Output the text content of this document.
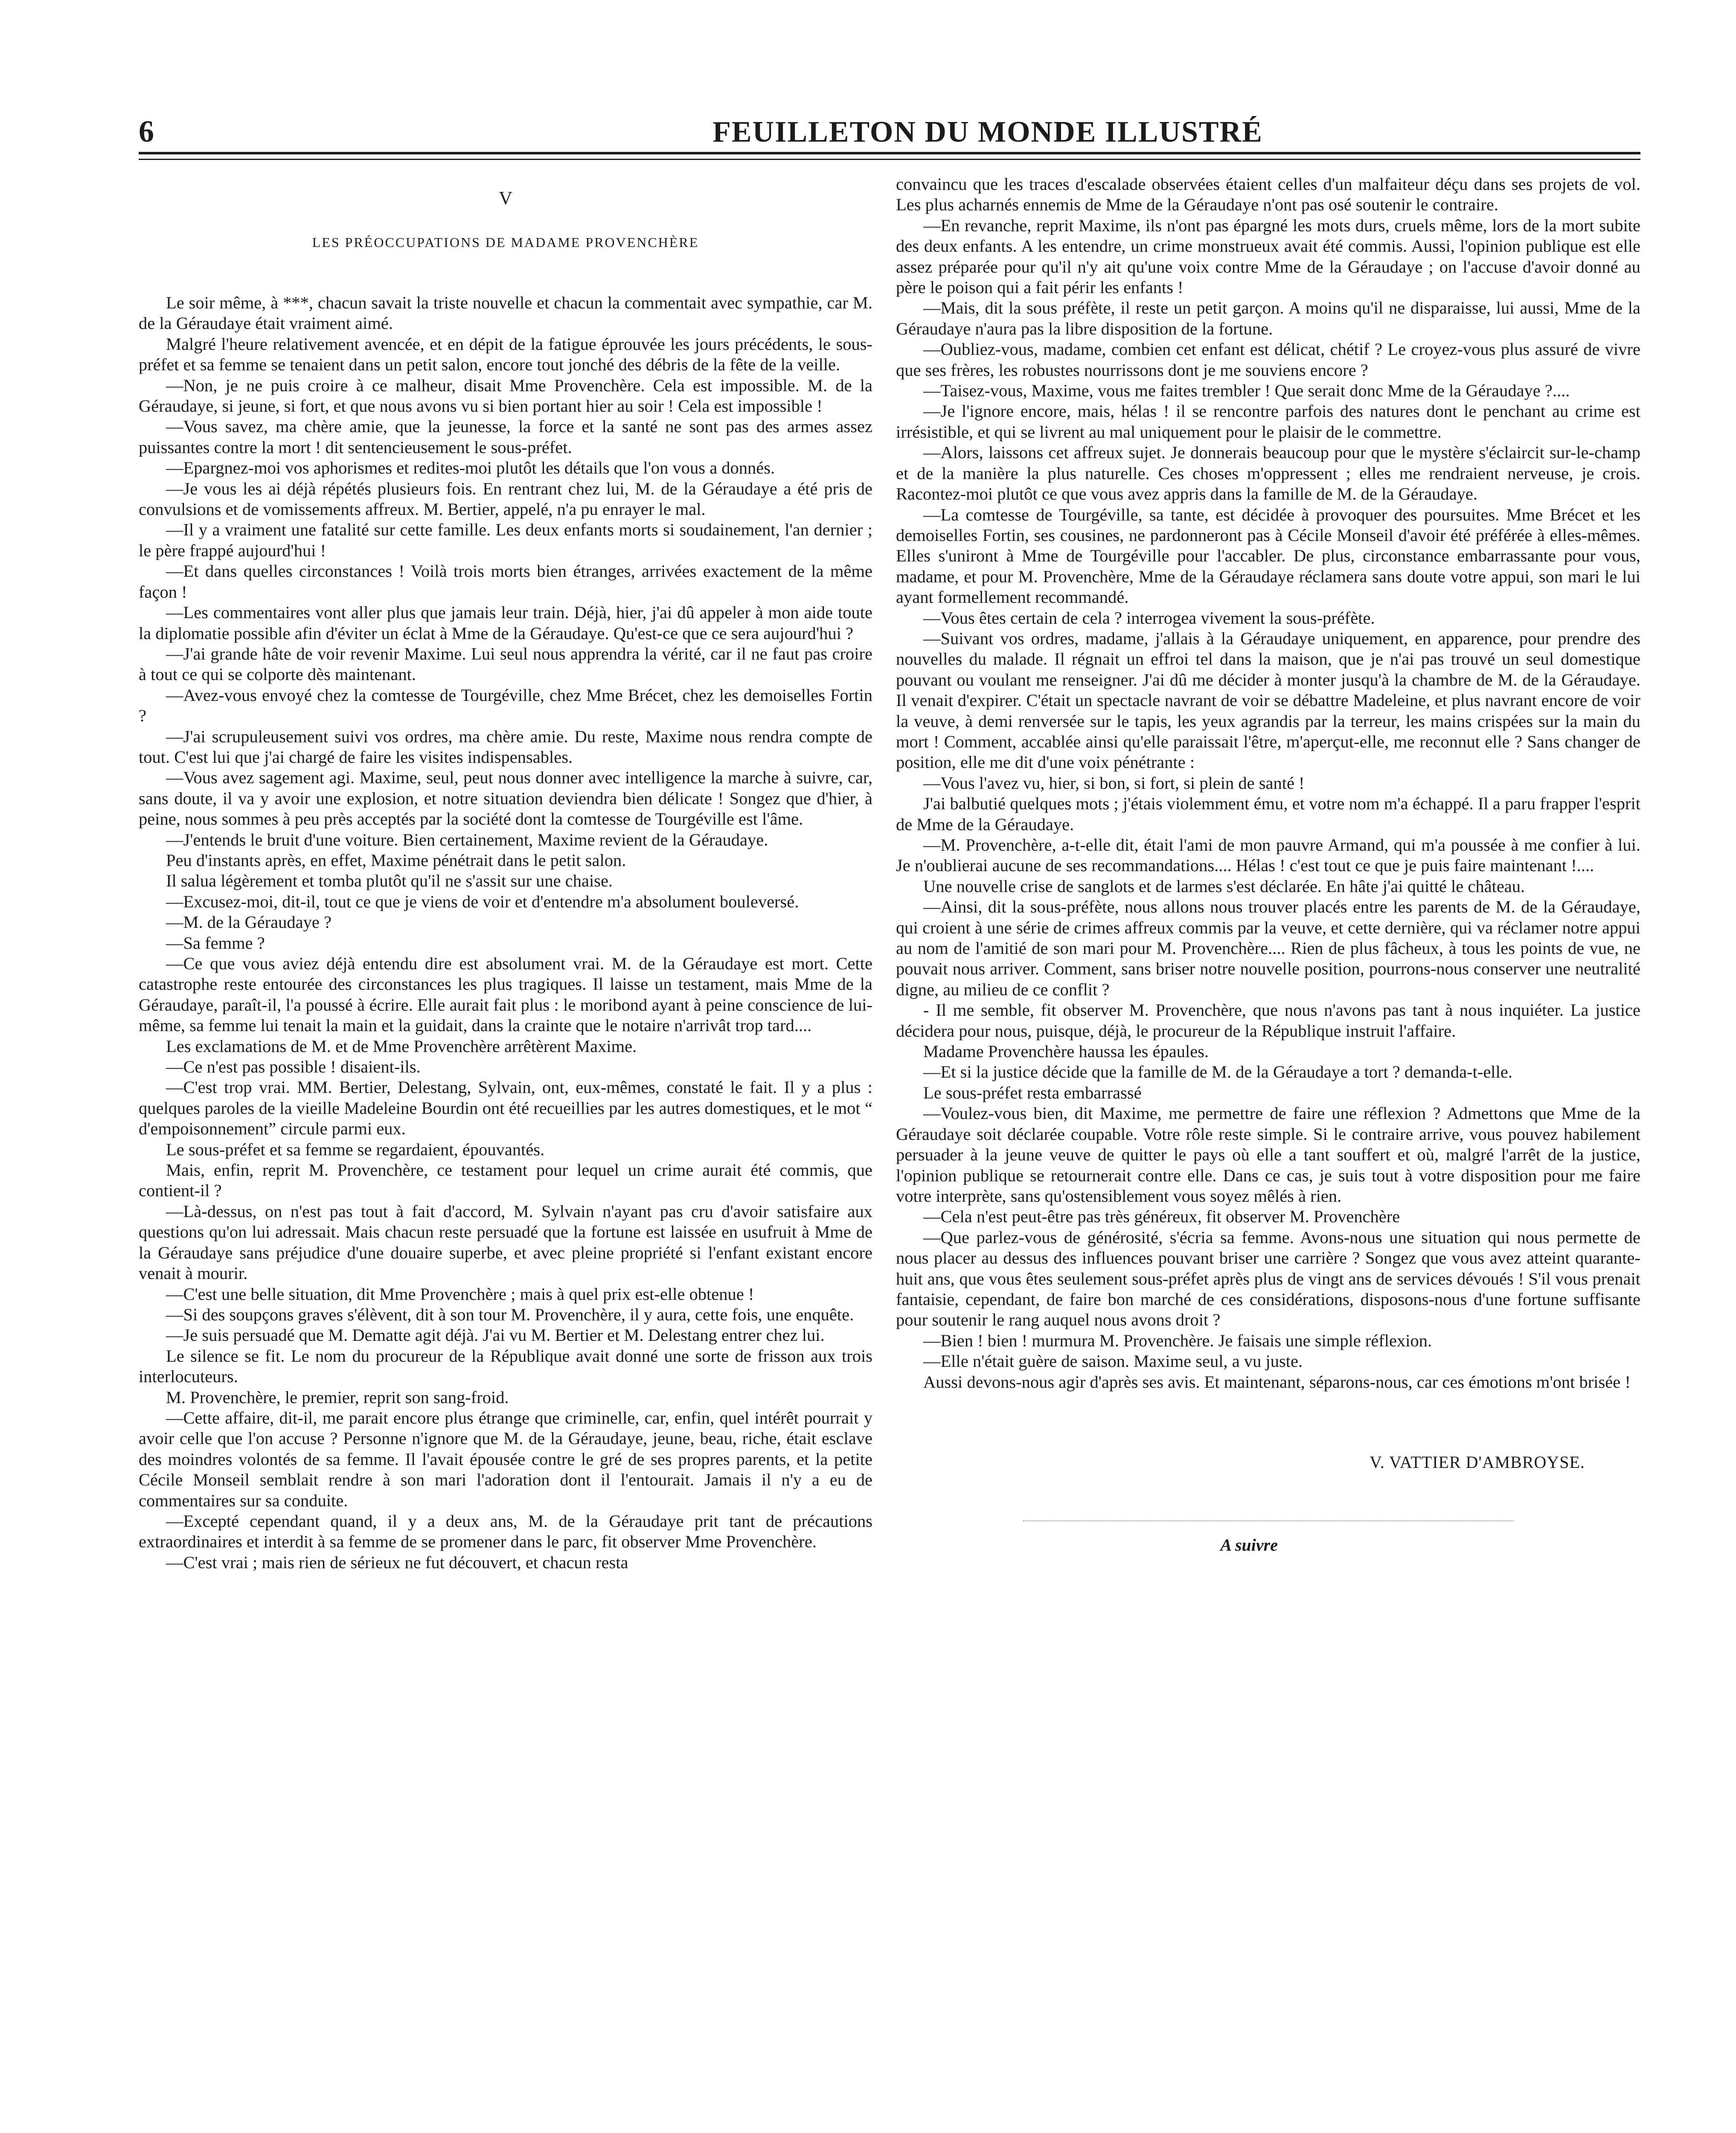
6	FEUILLETON DU MONDE ILLUSTRÉ
V
LES PRÉOCCUPATIONS DE MADAME PROVENCHÈRE

Le soir même, à ***, chacun savait la triste nouvelle et chacun la commentait avec sympathie, car M. de la Géraudaye était vraiment aimé.

Malgré l'heure relativement avencée, et en dépit de la fatigue éprouvée les jours précédents, le sous-préfet et sa femme se tenaient dans un petit salon, encore tout jonché des débris de la fête de la veille.

—Non, je ne puis croire à ce malheur, disait Mme Provenchère. Cela est impossible. M. de la Géraudaye, si jeune, si fort, et que nous avons vu si bien portant hier au soir ! Cela est impossible !

—Vous savez, ma chère amie, que la jeunesse, la force et la santé ne sont pas des armes assez puissantes contre la mort ! dit sentencieusement le sous-préfet.

—Epargnez-moi vos aphorismes et redites-moi plutôt les détails que l'on vous a donnés.

—Je vous les ai déjà répétés plusieurs fois. En rentrant chez lui, M. de la Géraudaye a été pris de convulsions et de vomissements affreux. M. Bertier, appelé, n'a pu enrayer le mal.

—Il y a vraiment une fatalité sur cette famille. Les deux enfants morts si soudainement, l'an dernier ; le père frappé aujourd'hui !

—Et dans quelles circonstances ! Voilà trois morts bien étranges, arrivées exactement de la même façon !

—Les commentaires vont aller plus que jamais leur train. Déjà, hier, j'ai dû appeler à mon aide toute la diplomatie possible afin d'éviter un éclat à Mme de la Géraudaye. Qu'est-ce que ce sera aujourd'hui ?

—J'ai grande hâte de voir revenir Maxime. Lui seul nous apprendra la vérité, car il ne faut pas croire à tout ce qui se colporte dès maintenant.

—Avez-vous envoyé chez la comtesse de Tourgéville, chez Mme Brécet, chez les demoiselles Fortin ?

—J'ai scrupuleusement suivi vos ordres, ma chère amie. Du reste, Maxime nous rendra compte de tout. C'est lui que j'ai chargé de faire les visites indispensables.

—Vous avez sagement agi. Maxime, seul, peut nous donner avec intelligence la marche à suivre, car, sans doute, il va y avoir une explosion, et notre situation deviendra bien délicate ! Songez que d'hier, à peine, nous sommes à peu près acceptés par la société dont la comtesse de Tourgéville est l'âme.

—J'entends le bruit d'une voiture. Bien certainement, Maxime revient de la Géraudaye.

Peu d'instants après, en effet, Maxime pénétrait dans le petit salon.

Il salua légèrement et tomba plutôt qu'il ne s'assit sur une chaise.

—Excusez-moi, dit-il, tout ce que je viens de voir et d'entendre m'a absolument bouleversé.

—M. de la Géraudaye ?

—Sa femme ?

—Ce que vous aviez déjà entendu dire est absolument vrai. M. de la Géraudaye est mort. Cette catastrophe reste entourée des circonstances les plus tragiques. Il laisse un testament, mais Mme de la Géraudaye, paraît-il, l'a poussé à écrire. Elle aurait fait plus : le moribond ayant à peine conscience de lui-même, sa femme lui tenait la main et la guidait, dans la crainte que le notaire n'arrivât trop tard....

Les exclamations de M. et de Mme Provenchère arrêtèrent Maxime.

—Ce n'est pas possible ! disaient-ils.

—C'est trop vrai. MM. Bertier, Delestang, Sylvain, ont, eux-mêmes, constaté le fait. Il y a plus : quelques paroles de la vieille Madeleine Bourdin ont été recueillies par les autres domestiques, et le mot “ d'empoisonnement” circule parmi eux.

Le sous-préfet et sa femme se regardaient, épouvantés.

Mais, enfin, reprit M. Provenchère, ce testament pour lequel un crime aurait été commis, que contient-il ?

—Là-dessus, on n'est pas tout à fait d'accord, M. Sylvain n'ayant pas cru d'avoir satisfaire aux questions qu'on lui adressait. Mais chacun reste persuadé que la fortune est laissée en usufruit à Mme de la Géraudaye sans préjudice d'une douaire superbe, et avec pleine propriété si l'enfant existant encore venait à mourir.

—C'est une belle situation, dit Mme Provenchère ; mais à quel prix est-elle obtenue !

—Si des soupçons graves s'élèvent, dit à son tour M. Provenchère, il y aura, cette fois, une enquête.

—Je suis persuadé que M. Dematte agit déjà. J'ai vu M. Bertier et M. Delestang entrer chez lui.

Le silence se fit. Le nom du procureur de la République avait donné une sorte de frisson aux trois interlocuteurs.

M. Provenchère, le premier, reprit son sang-froid.

—Cette affaire, dit-il, me parait encore plus étrange que criminelle, car, enfin, quel intérêt pourrait y avoir celle que l'on accuse ? Personne n'ignore que M. de la Géraudaye, jeune, beau, riche, était esclave des moindres volontés de sa femme. Il l'avait épousée contre le gré de ses propres parents, et la petite Cécile Monseil semblait rendre à son mari l'adoration dont il l'entourait. Jamais il n'y a eu de commentaires sur sa conduite.

—Excepté cependant quand, il y a deux ans, M. de la Géraudaye prit tant de précautions extraordinaires et interdit à sa femme de se promener dans le parc, fit observer Mme Provenchère.

—C'est vrai ; mais rien de sérieux ne fut découvert, et chacun resta

convaincu que les traces d'escalade observées étaient celles d'un malfaiteur déçu dans ses projets de vol. Les plus acharnés ennemis de Mme de la Géraudaye n'ont pas osé soutenir le contraire.

—En revanche, reprit Maxime, ils n'ont pas épargné les mots durs, cruels même, lors de la mort subite des deux enfants. A les entendre, un crime monstrueux avait été commis. Aussi, l'opinion publique est elle assez préparée pour qu'il n'y ait qu'une voix contre Mme de la Géraudaye ; on l'accuse d'avoir donné au père le poison qui a fait périr les enfants !

—Mais, dit la sous préfète, il reste un petit garçon. A moins qu'il ne disparaisse, lui aussi, Mme de la Géraudaye n'aura pas la libre disposition de la fortune.

—Oubliez-vous, madame, combien cet enfant est délicat, chétif ? Le croyez-vous plus assuré de vivre que ses frères, les robustes nourrissons dont je me souviens encore ?

—Taisez-vous, Maxime, vous me faites trembler ! Que serait donc Mme de la Géraudaye ?....

—Je l'ignore encore, mais, hélas ! il se rencontre parfois des natures dont le penchant au crime est irrésistible, et qui se livrent au mal uniquement pour le plaisir de le commettre.

—Alors, laissons cet affreux sujet. Je donnerais beaucoup pour que le mystère s'éclaircit sur-le-champ et de la manière la plus naturelle. Ces choses m'oppressent ; elles me rendraient nerveuse, je crois. Racontez-moi plutôt ce que vous avez appris dans la famille de M. de la Géraudaye.

—La comtesse de Tourgéville, sa tante, est décidée à provoquer des poursuites. Mme Brécet et les demoiselles Fortin, ses cousines, ne pardonneront pas à Cécile Monseil d'avoir été préférée à elles-mêmes. Elles s'uniront à Mme de Tourgéville pour l'accabler. De plus, circonstance embarrassante pour vous, madame, et pour M. Provenchère, Mme de la Géraudaye réclamera sans doute votre appui, son mari le lui ayant formellement recommandé.

—Vous êtes certain de cela ? interrogea vivement la sous-préfète.

—Suivant vos ordres, madame, j'allais à la Géraudaye uniquement, en apparence, pour prendre des nouvelles du malade. Il régnait un effroi tel dans la maison, que je n'ai pas trouvé un seul domestique pouvant ou voulant me renseigner. J'ai dû me décider à monter jusqu'à la chambre de M. de la Géraudaye. Il venait d'expirer. C'était un spectacle navrant de voir se débattre Madeleine, et plus navrant encore de voir la veuve, à demi renversée sur le tapis, les yeux agrandis par la terreur, les mains crispées sur la main du mort ! Comment, accablée ainsi qu'elle paraissait l'être, m'aperçut-elle, me reconnut elle ? Sans changer de position, elle me dit d'une voix pénétrante :

—Vous l'avez vu, hier, si bon, si fort, si plein de santé !

J'ai balbutié quelques mots ; j'étais violemment ému, et votre nom m'a échappé. Il a paru frapper l'esprit de Mme de la Géraudaye.

—M. Provenchère, a-t-elle dit, était l'ami de mon pauvre Armand, qui m'a poussée à me confier à lui. Je n'oublierai aucune de ses recommandations.... Hélas ! c'est tout ce que je puis faire maintenant !....

Une nouvelle crise de sanglots et de larmes s'est déclarée. En hâte j'ai quitté le château.

—Ainsi, dit la sous-préfète, nous allons nous trouver placés entre les parents de M. de la Géraudaye, qui croient à une série de crimes affreux commis par la veuve, et cette dernière, qui va réclamer notre appui au nom de l'amitié de son mari pour M. Provenchère.... Rien de plus fâcheux, à tous les points de vue, ne pouvait nous arriver. Comment, sans briser notre nouvelle position, pourrons-nous conserver une neutralité digne, au milieu de ce conflit ?

- Il me semble, fit observer M. Provenchère, que nous n'avons pas tant à nous inquiéter. La justice décidera pour nous, puisque, déjà, le procureur de la République instruit l'affaire.

Madame Provenchère haussa les épaules.

—Et si la justice décide que la famille de M. de la Géraudaye a tort ? demanda-t-elle.

Le sous-préfet resta embarrassé

—Voulez-vous bien, dit Maxime, me permettre de faire une réflexion ? Admettons que Mme de la Géraudaye soit déclarée coupable. Votre rôle reste simple. Si le contraire arrive, vous pouvez habilement persuader à la jeune veuve de quitter le pays où elle a tant souffert et où, malgré l'arrêt de la justice, l'opinion publique se retournerait contre elle. Dans ce cas, je suis tout à votre disposition pour me faire votre interprète, sans qu'ostensiblement vous soyez mêlés à rien.

—Cela n'est peut-être pas très généreux, fit observer M. Provenchère

—Que parlez-vous de générosité, s'écria sa femme. Avons-nous une situation qui nous permette de nous placer au dessus des influences pouvant briser une carrière ? Songez que vous avez atteint quarante-huit ans, que vous êtes seulement sous-préfet après plus de vingt ans de services dévoués ! S'il vous prenait fantaisie, cependant, de faire bon marché de ces considérations, disposons-nous d'une fortune suffisante pour soutenir le rang auquel nous avons droit ?

—Bien ! bien ! murmura M. Provenchère. Je faisais une simple réflexion.

—Elle n'était guère de saison. Maxime seul, a vu juste.

Aussi devons-nous agir d'après ses avis. Et maintenant, séparons-nous, car ces émotions m'ont brisée !

V. VATTIER D'AMBROYSE.
A suivre
